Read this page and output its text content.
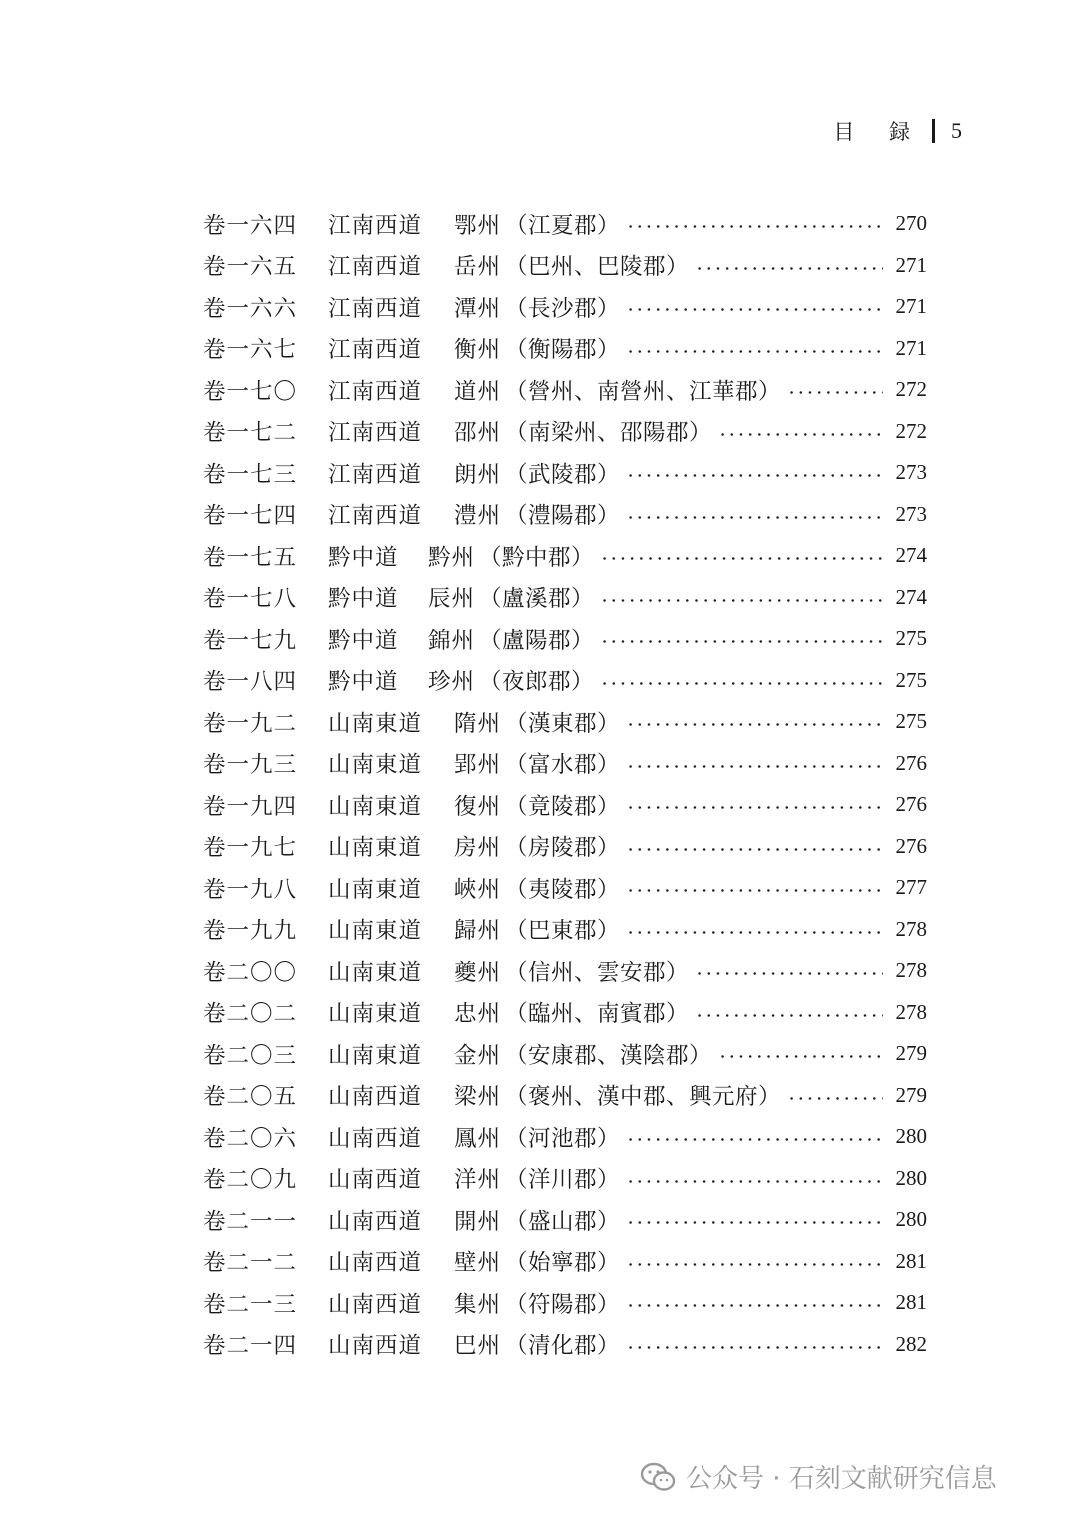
目 録 5
卷一六四	江南西道	鄂州 （江夏郡）	270
卷一六五	江南西道	岳州 （巴州、巴陵郡）	271
卷一六六	江南西道	潭州 （長沙郡）	271
卷一六七	江南西道	衡州 （衡陽郡）	271
卷一七〇	江南西道	道州 （營州、南營州、江華郡）	272
卷一七二	江南西道	邵州 （南梁州、邵陽郡）	272
卷一七三	江南西道	朗州 （武陵郡）	273
卷一七四	江南西道	澧州 （澧陽郡）	273
卷一七五	黔中道	黔州 （黔中郡）	274
卷一七八	黔中道	辰州 （盧溪郡）	274
卷一七九	黔中道	錦州 （盧陽郡）	275
卷一八四	黔中道	珍州 （夜郎郡）	275
卷一九二	山南東道	隋州 （漢東郡）	275
卷一九三	山南東道	郢州 （富水郡）	276
卷一九四	山南東道	復州 （竟陵郡）	276
卷一九七	山南東道	房州 （房陵郡）	276
卷一九八	山南東道	峽州 （夷陵郡）	277
卷一九九	山南東道	歸州 （巴東郡）	278
卷二〇〇	山南東道	夔州 （信州、雲安郡）	278
卷二〇二	山南東道	忠州 （臨州、南賓郡）	278
卷二〇三	山南東道	金州 （安康郡、漢陰郡）	279
卷二〇五	山南西道	梁州 （褒州、漢中郡、興元府）	279
卷二〇六	山南西道	鳳州 （河池郡）	280
卷二〇九	山南西道	洋州 （洋川郡）	280
卷二一一	山南西道	開州 （盛山郡）	280
卷二一二	山南西道	壁州 （始寧郡）	281
卷二一三	山南西道	集州 （符陽郡）	281
卷二一四	山南西道	巴州 （清化郡）	282
公众号 · 石刻文献研究信息
